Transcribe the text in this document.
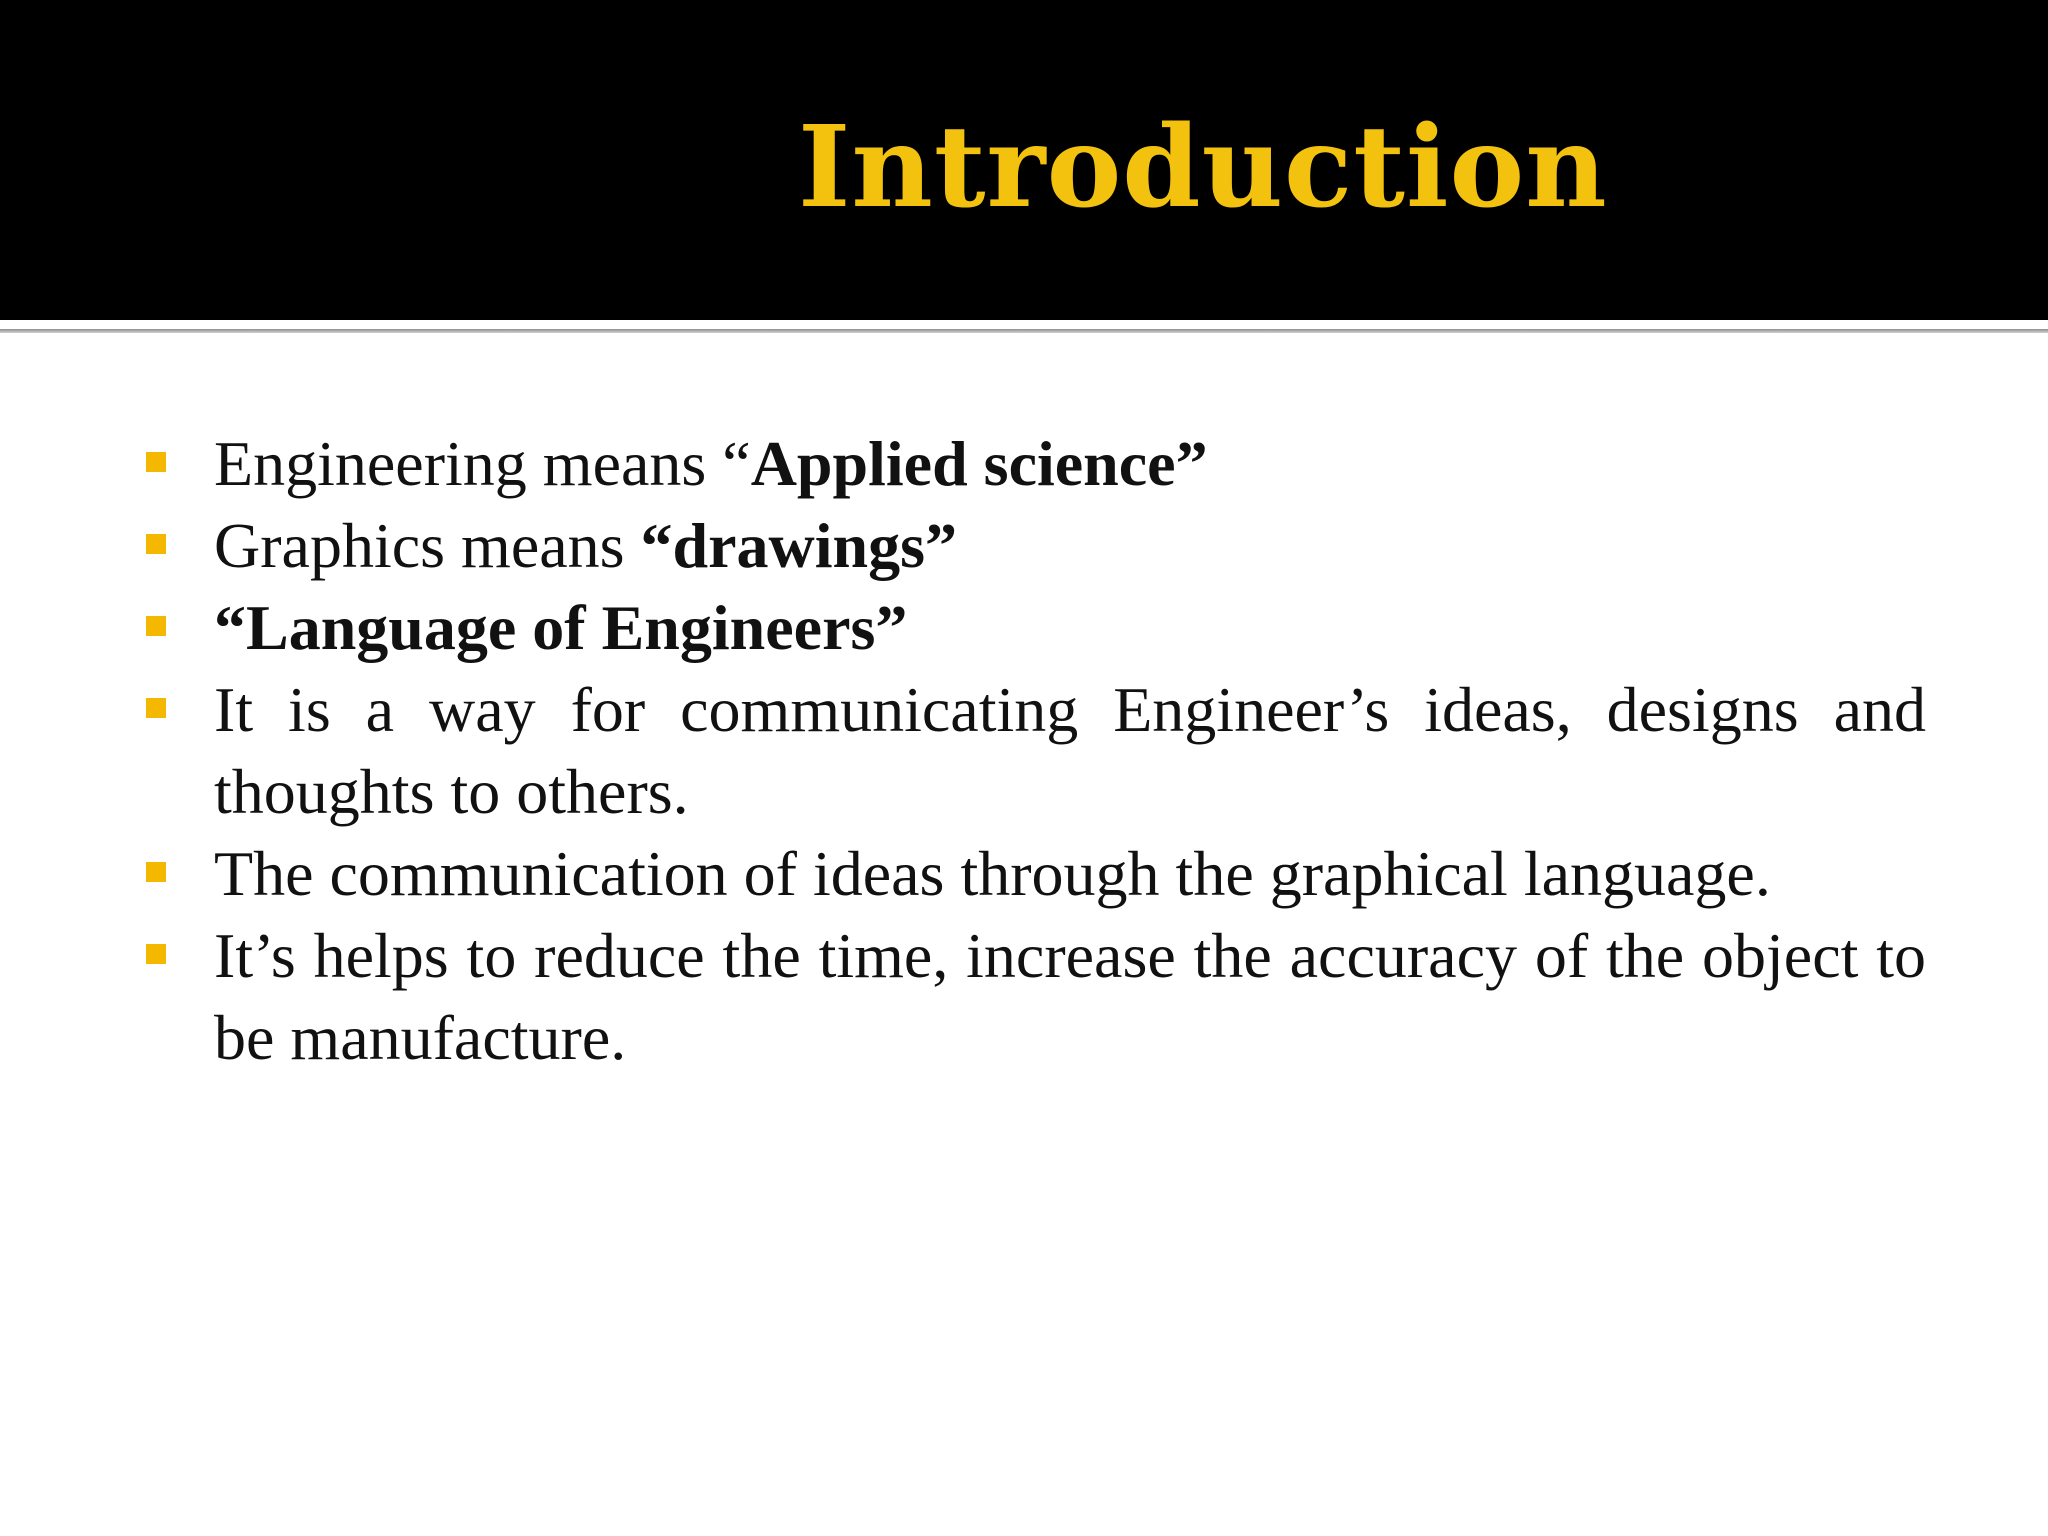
Introduction
Engineering means “Applied science”
Graphics means “drawings”
“Language of Engineers”
It is a way for communicating Engineer’s ideas, designs and thoughts to others.
The communication of ideas through the graphical language.
It’s helps to reduce the time, increase the accuracy of the object to be manufacture.
